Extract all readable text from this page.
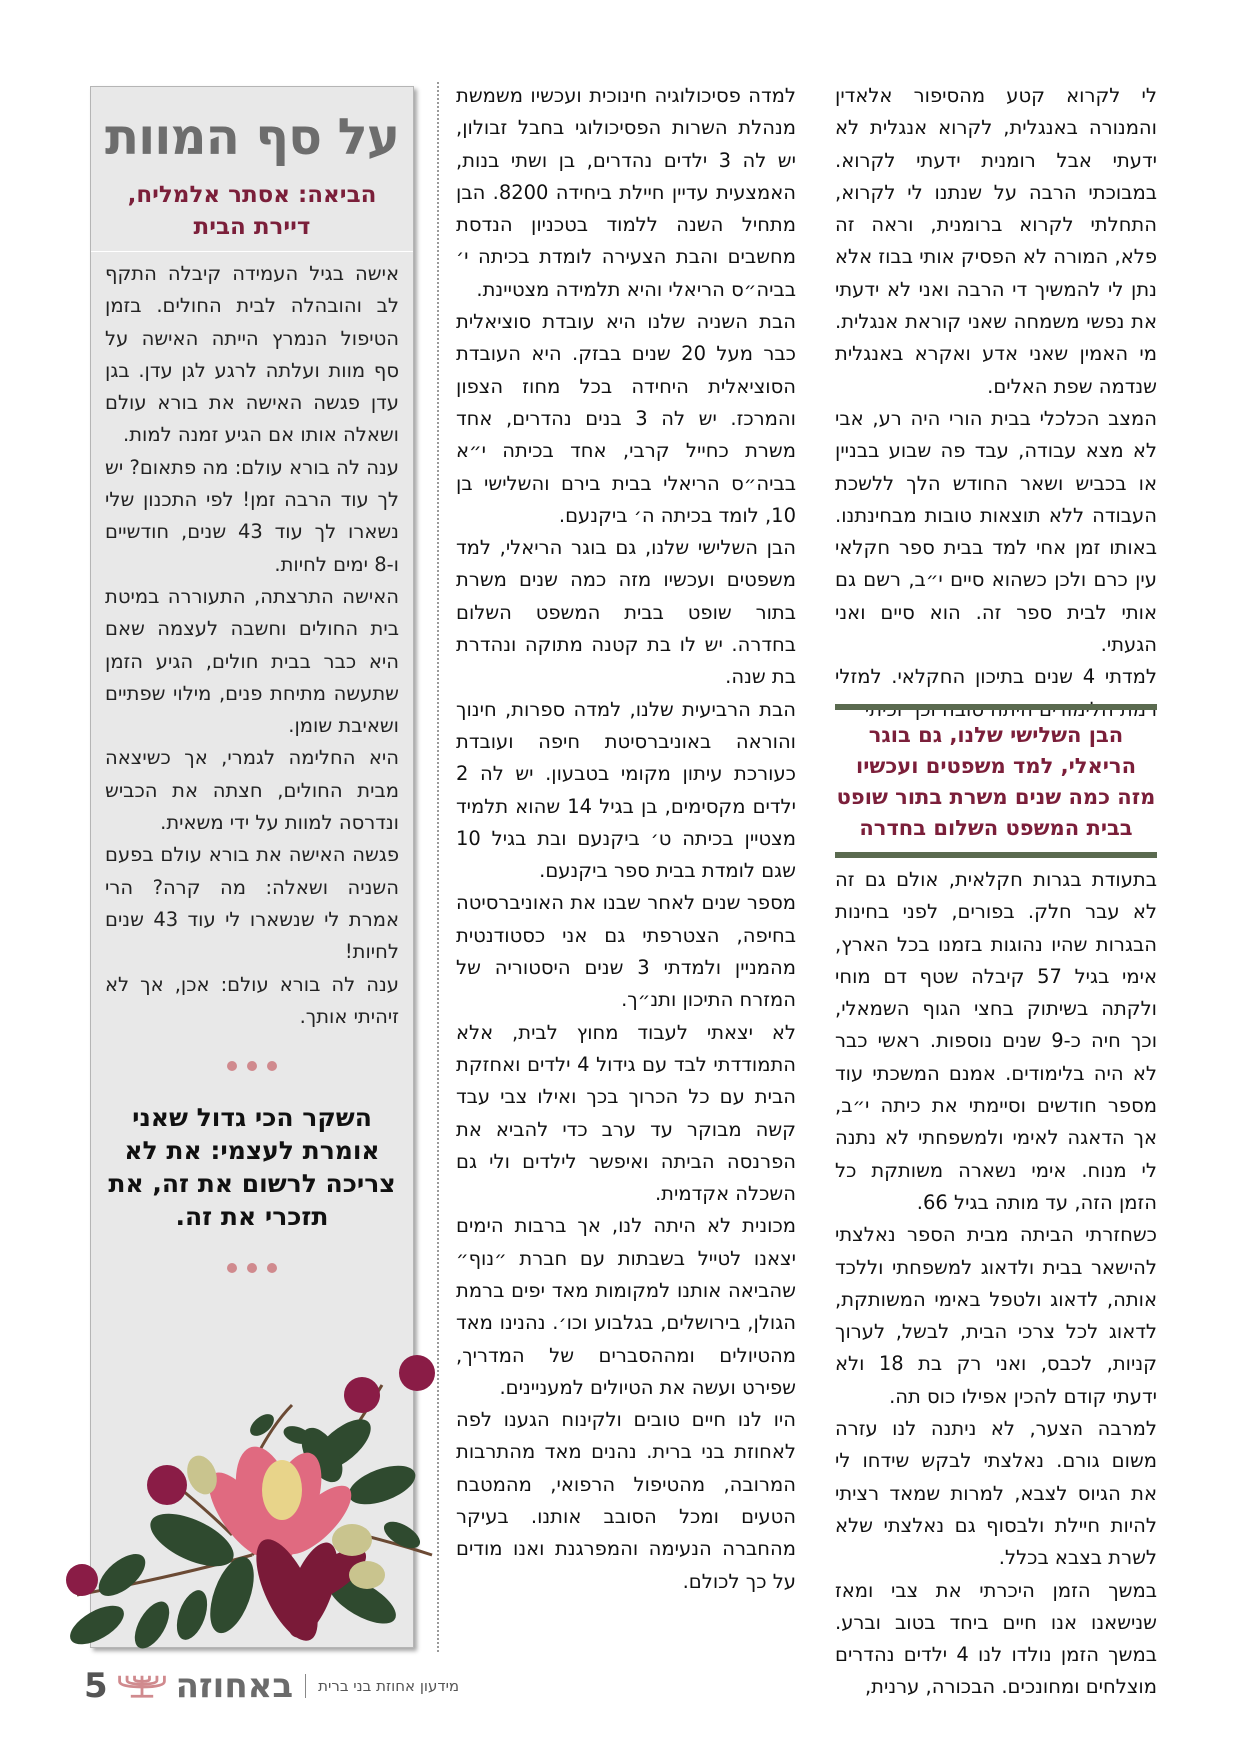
על סף המוות
הביאה: אסתר אלמליח, דיירת הבית

אישה בגיל העמידה קיבלה התקף לב והובהלה לבית החולים. בזמן הטיפול הנמרץ הייתה האישה על סף מוות ועלתה לרגע לגן עדן. בגן עדן פגשה האישה את בורא עולם ושאלה אותו אם הגיע זמנה למות.

ענה לה בורא עולם: מה פתאום? יש לך עוד הרבה זמן! לפי התכנון שלי נשארו לך עוד 43 שנים, חודשיים ו-8 ימים לחיות.

האישה התרצתה, התעוררה במיטת בית החולים וחשבה לעצמה שאם היא כבר בבית חולים, הגיע הזמן שתעשה מתיחת פנים, מילוי שפתיים ושאיבת שומן.

היא החלימה לגמרי, אך כשיצאה מבית החולים, חצתה את הכביש ונדרסה למוות על ידי משאית.

פגשה האישה את בורא עולם בפעם השניה ושאלה: מה קרה? הרי אמרת לי שנשארו לי עוד 43 שנים לחיות!

ענה לה בורא עולם: אכן, אך לא זיהיתי אותך.

השקר הכי גדול שאני אומרת לעצמי: את לא צריכה לרשום את זה, את תזכרי את זה.

למדה פסיכולוגיה חינוכית ועכשיו משמשת מנהלת השרות הפסיכולוגי בחבל זבולון, יש לה 3 ילדים נהדרים, בן ושתי בנות, האמצעית עדיין חיילת ביחידה 8200. הבן מתחיל השנה ללמוד בטכניון הנדסת מחשבים והבת הצעירה לומדת בכיתה י׳ בביה״ס הריאלי והיא תלמידה מצטיינת.

הבת השניה שלנו היא עובדת סוציאלית כבר מעל 20 שנים בבזק. היא העובדת הסוציאלית היחידה בכל מחוז הצפון והמרכז. יש לה 3 בנים נהדרים, אחד משרת כחייל קרבי, אחד בכיתה י״א בביה״ס הריאלי בבית בירם והשלישי בן 10, לומד בכיתה ה׳ ביקנעם.

הבן השלישי שלנו, גם בוגר הריאלי, למד משפטים ועכשיו מזה כמה שנים משרת בתור שופט בבית המשפט השלום בחדרה. יש לו בת קטנה מתוקה ונהדרת בת שנה.

הבת הרביעית שלנו, למדה ספרות, חינוך והוראה באוניברסיטת חיפה ועובדת כעורכת עיתון מקומי בטבעון. יש לה 2 ילדים מקסימים, בן בגיל 14 שהוא תלמיד מצטיין בכיתה ט׳ ביקנעם ובת בגיל 10 שגם לומדת בבית ספר ביקנעם.

מספר שנים לאחר שבנו את האוניברסיטה בחיפה, הצטרפתי גם אני כסטודנטית מהמניין ולמדתי 3 שנים היסטוריה של המזרח התיכון ותנ״ך.

לא יצאתי לעבוד מחוץ לבית, אלא התמודדתי לבד עם גידול 4 ילדים ואחזקת הבית עם כל הכרוך בכך ואילו צבי עבד קשה מבוקר עד ערב כדי להביא את הפרנסה הביתה ואיפשר לילדים ולי גם השכלה אקדמית.

מכונית לא היתה לנו, אך ברבות הימים יצאנו לטייל בשבתות עם חברת ״נוף״ שהביאה אותנו למקומות מאד יפים ברמת הגולן, בירושלים, בגלבוע וכו׳. נהנינו מאד מהטיולים ומההסברים של המדריך, שפירט ועשה את הטיולים למעניינים.

היו לנו חיים טובים ולקינוח הגענו לפה לאחוזת בני ברית. נהנים מאד מהתרבות המרובה, מהטיפול הרפואי, מהמטבח הטעים ומכל הסובב אותנו. בעיקר מהחברה הנעימה והמפרגנת ואנו מודים על כך לכולם.

לי לקרוא קטע מהסיפור אלאדין והמנורה באנגלית, לקרוא אנגלית לא ידעתי אבל רומנית ידעתי לקרוא. במבוכתי הרבה על שנתנו לי לקרוא, התחלתי לקרוא ברומנית, וראה זה פלא, המורה לא הפסיק אותי בבוז אלא נתן לי להמשיך די הרבה ואני לא ידעתי את נפשי משמחה שאני קוראת אנגלית. מי האמין שאני אדע ואקרא באנגלית שנדמה שפת האלים.

המצב הכלכלי בבית הורי היה רע, אבי לא מצא עבודה, עבד פה שבוע בבניין או בכביש ושאר החודש הלך ללשכת העבודה ללא תוצאות טובות מבחינתנו. באותו זמן אחי למד בבית ספר חקלאי עין כרם ולכן כשהוא סיים י״ב, רשם גם אותי לבית ספר זה. הוא סיים ואני הגעתי.

למדתי 4 שנים בתיכון החקלאי. למזלי רמת הלימודים היתה טובה וכך זכיתי

הבן השלישי שלנו, גם בוגר הריאלי, למד משפטים ועכשיו מזה כמה שנים משרת בתור שופט בבית המשפט השלום בחדרה

בתעודת בגרות חקלאית, אולם גם זה לא עבר חלק. בפורים, לפני בחינות הבגרות שהיו נהוגות בזמנו בכל הארץ, אימי בגיל 57 קיבלה שטף דם מוחי ולקתה בשיתוק בחצי הגוף השמאלי, וכך חיה כ-9 שנים נוספות. ראשי כבר לא היה בלימודים. אמנם המשכתי עוד מספר חודשים וסיימתי את כיתה י״ב, אך הדאגה לאימי ולמשפחתי לא נתנה לי מנוח. אימי נשארה משותקת כל הזמן הזה, עד מותה בגיל 66.

כשחזרתי הביתה מבית הספר נאלצתי להישאר בבית ולדאוג למשפחתי וללכד אותה, לדאוג ולטפל באימי המשותקת, לדאוג לכל צרכי הבית, לבשל, לערוך קניות, לכבס, ואני רק בת 18 ולא ידעתי קודם להכין אפילו כוס תה.

למרבה הצער, לא ניתנה לנו עזרה משום גורם. נאלצתי לבקש שידחו לי את הגיוס לצבא, למרות שמאד רציתי להיות חיילת ולבסוף גם נאלצתי שלא לשרת בצבא בכלל.

במשך הזמן היכרתי את צבי ומאז שנישאנו אנו חיים ביחד בטוב וברע. במשך הזמן נולדו לנו 4 ילדים נהדרים מוצלחים ומחונכים. הבכורה, ערנית,

5 באחוזה מידעון אחוזת בני ברית
